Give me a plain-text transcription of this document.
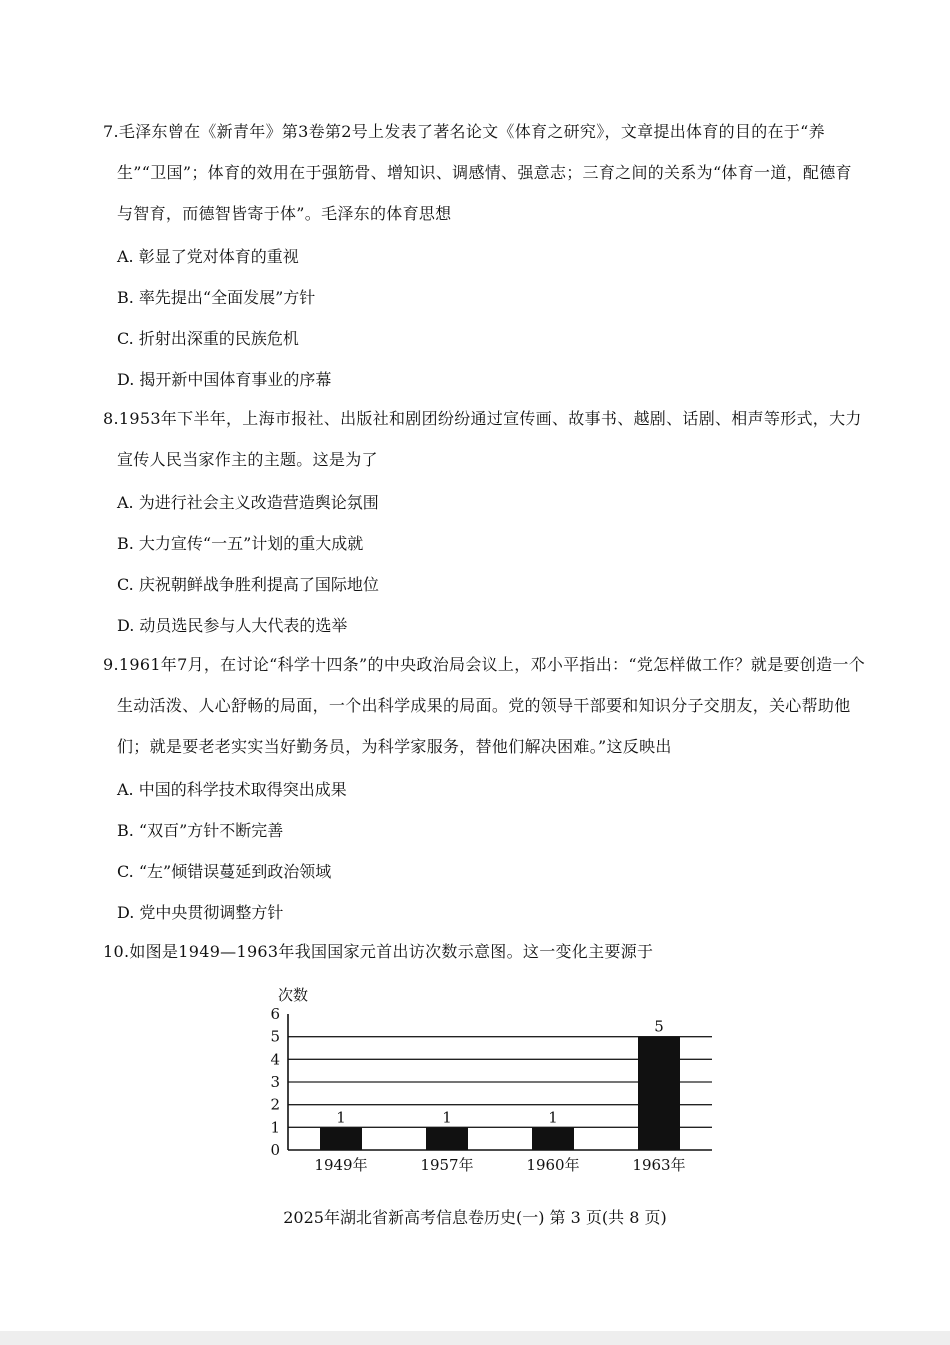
7.毛泽东曾在《新青年》第3卷第2号上发表了著名论文《体育之研究》，文章提出体育的目的在于“养生”“卫国”；体育的效用在于强筋骨、增知识、调感情、强意志；三育之间的关系为“体育一道，配德育与智育，而德智皆寄于体”。毛泽东的体育思想
A. 彰显了党对体育的重视
B. 率先提出“全面发展”方针
C. 折射出深重的民族危机
D. 揭开新中国体育事业的序幕
8.1953年下半年，上海市报社、出版社和剧团纷纷通过宣传画、故事书、越剧、话剧、相声等形式，大力宣传人民当家作主的主题。这是为了
A. 为进行社会主义改造营造舆论氛围
B. 大力宣传“一五”计划的重大成就
C. 庆祝朝鲜战争胜利提高了国际地位
D. 动员选民参与人大代表的选举
9.1961年7月，在讨论“科学十四条”的中央政治局会议上，邓小平指出：“党怎样做工作？就是要创造一个生动活泼、人心舒畅的局面，一个出科学成果的局面。党的领导干部要和知识分子交朋友，关心帮助他们；就是要老老实实当好勤务员，为科学家服务，替他们解决困难。”这反映出
A. 中国的科学技术取得突出成果
B. “双百”方针不断完善
C. “左”倾错误蔓延到政治领域
D. 党中央贯彻调整方针
10.如图是1949—1963年我国国家元首出访次数示意图。这一变化主要源于
次数
0
1
2
3
4
5
6
1	1	1
5
1949年	1957年	1960年	1963年
2025年湖北省新高考信息卷历史(一) 第 3 页(共 8 页)
